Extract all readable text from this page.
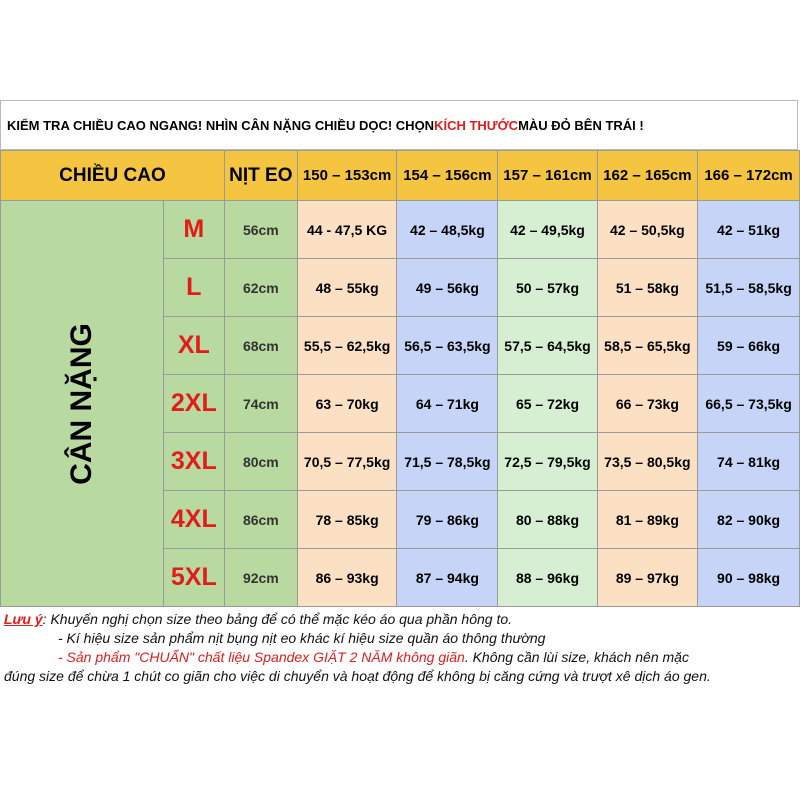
KIỂM TRA CHIỀU CAO NGANG! NHÌN CÂN NẶNG CHIỀU DỌC! CHỌN KÍCH THƯỚC MÀU ĐỎ BÊN TRÁI !
CHIỀU CAO		NỊT EO	150 – 153cm	154 – 156cm	157 – 161cm	162 – 165cm	166 – 172cm
CÂN NẶNG	M	56cm	44 - 47,5 KG	42 – 48,5kg	42 – 49,5kg	42 – 50,5kg	42 – 51kg
	L	62cm	48 – 55kg	49 – 56kg	50 – 57kg	51 – 58kg	51,5 – 58,5kg
	XL	68cm	55,5 – 62,5kg	56,5 – 63,5kg	57,5 – 64,5kg	58,5 – 65,5kg	59 – 66kg
	2XL	74cm	63 – 70kg	64 – 71kg	65 – 72kg	66 – 73kg	66,5 – 73,5kg
	3XL	80cm	70,5 – 77,5kg	71,5 – 78,5kg	72,5 – 79,5kg	73,5 – 80,5kg	74 – 81kg
	4XL	86cm	78 – 85kg	79 – 86kg	80 – 88kg	81 – 89kg	82 – 90kg
	5XL	92cm	86 – 93kg	87 – 94kg	88 – 96kg	89 – 97kg	90 – 98kg
Lưu ý: Khuyến nghị chọn size theo bảng để có thể mặc kéo áo qua phần hông to.
- Kí hiệu size sản phẩm nịt bụng nịt eo khác kí hiệu size quần áo thông thường
- Sản phẩm "CHUẨN" chất liệu Spandex GIẶT 2 NĂM không giãn. Không cần lùi size, khách nên mặc
đúng size để chừa 1 chút co giãn cho việc di chuyển và hoạt động để không bị căng cứng và trượt xê dịch áo gen.
